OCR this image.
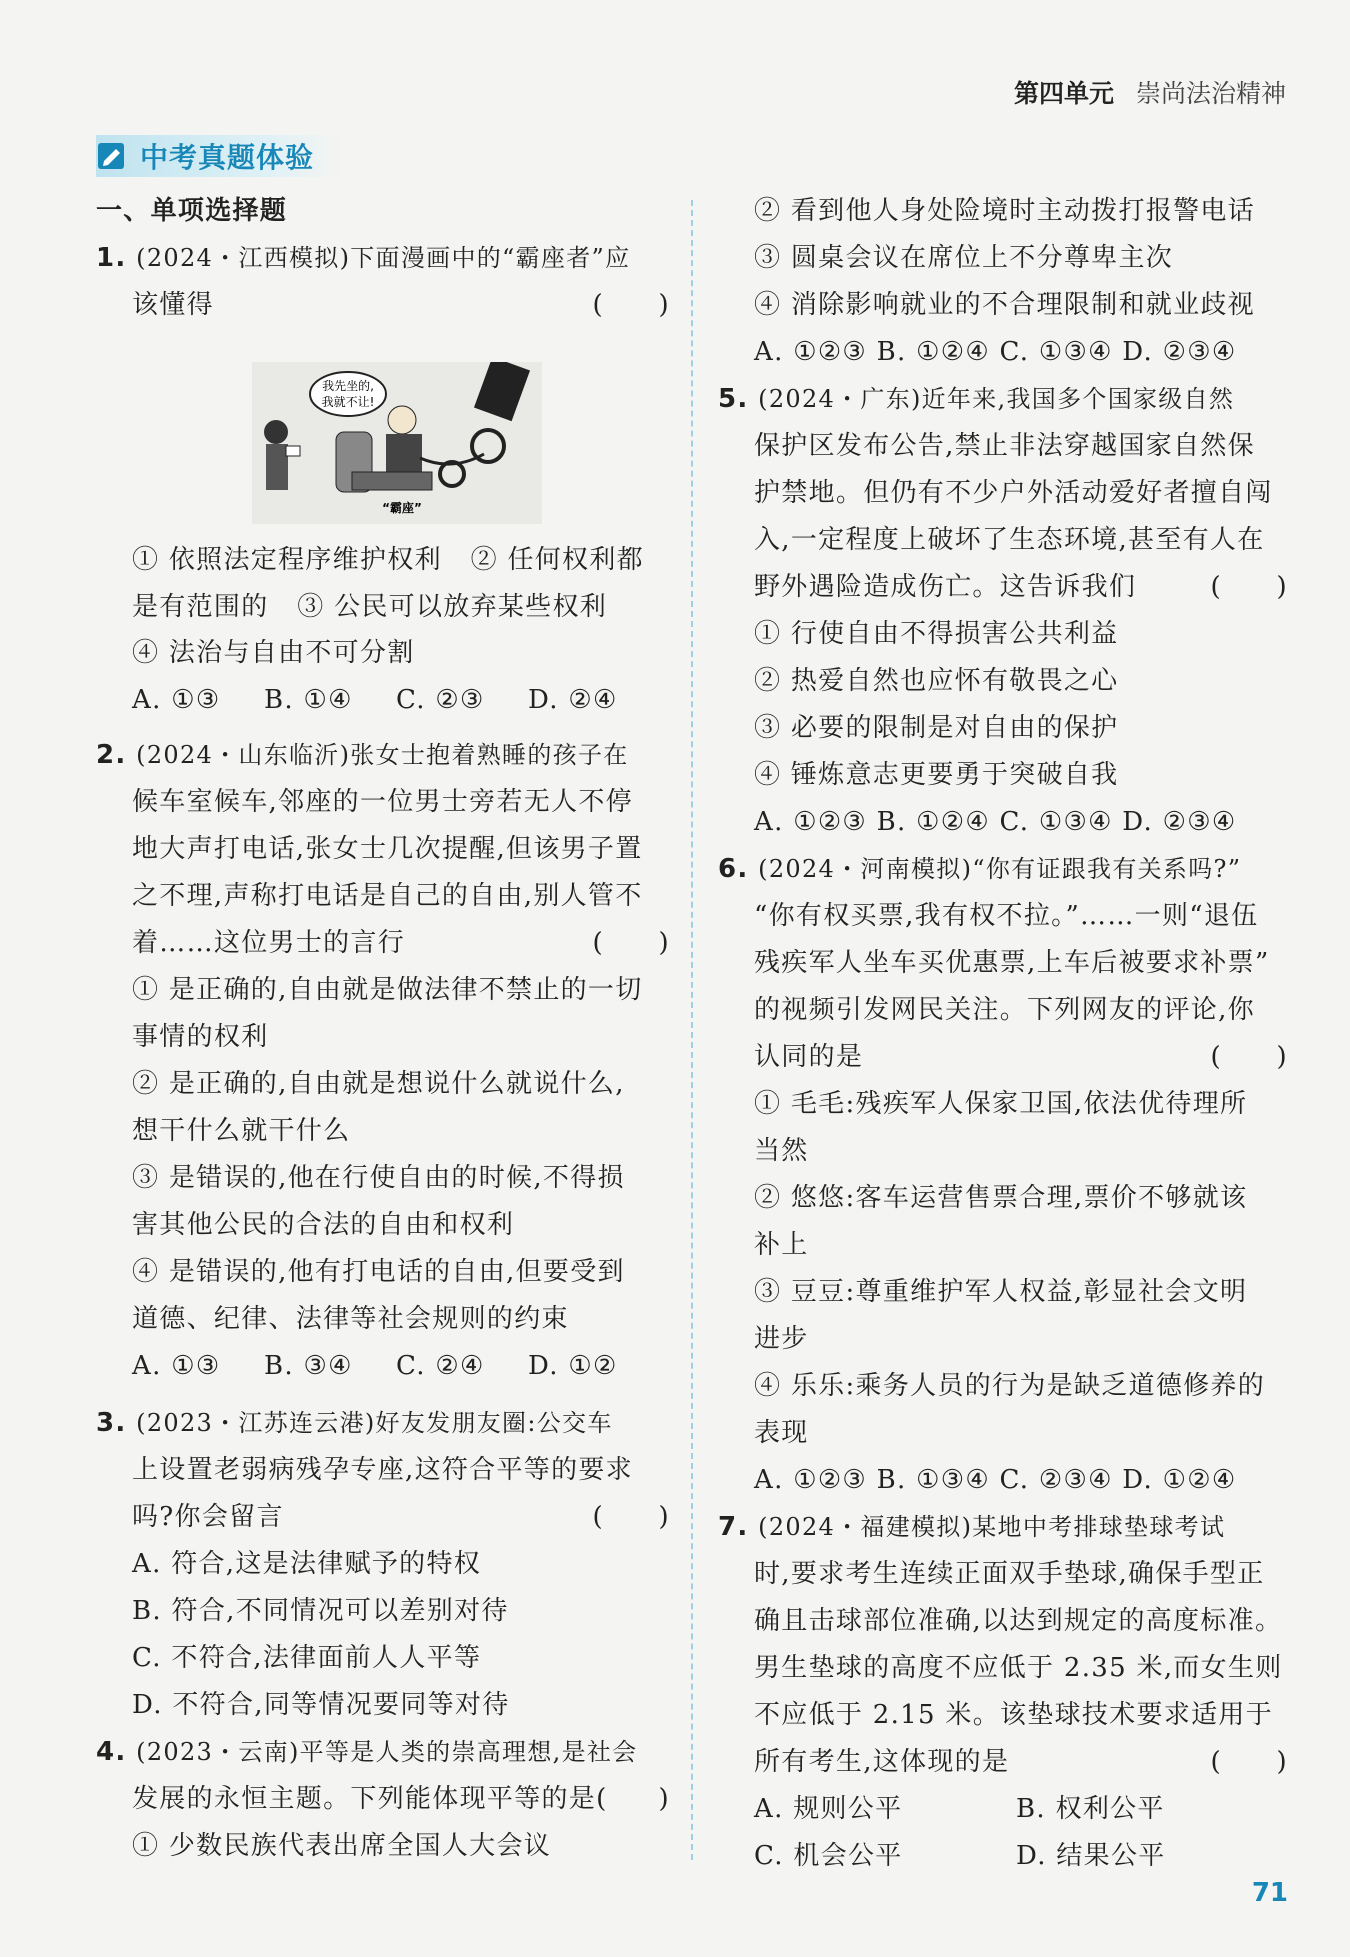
第四单元 崇尚法治精神
中考真题体验
一、单项选择题
1. (2024・江西模拟)下面漫画中的“霸座者”应
该懂得	(　　)
我先坐的,
我就不让!
“霸座”
① 依照法定程序维护权利 ② 任何权利都
是有范围的 ③ 公民可以放弃某些权利
④ 法治与自由不可分割
A. ①③ B. ①④ C. ②③ D. ②④
2. (2024・山东临沂)张女士抱着熟睡的孩子在
候车室候车,邻座的一位男士旁若无人不停
地大声打电话,张女士几次提醒,但该男子置
之不理,声称打电话是自己的自由,别人管不
着……这位男士的言行	(　　)
① 是正确的,自由就是做法律不禁止的一切
事情的权利
② 是正确的,自由就是想说什么就说什么,
想干什么就干什么
③ 是错误的,他在行使自由的时候,不得损
害其他公民的合法的自由和权利
④ 是错误的,他有打电话的自由,但要受到
道德、纪律、法律等社会规则的约束
A. ①③ B. ③④ C. ②④ D. ①②
3. (2023・江苏连云港)好友发朋友圈:公交车
上设置老弱病残孕专座,这符合平等的要求
吗?你会留言	(　　)
A. 符合,这是法律赋予的特权
B. 符合,不同情况可以差别对待
C. 不符合,法律面前人人平等
D. 不符合,同等情况要同等对待
4. (2023・云南)平等是人类的崇高理想,是社会
发展的永恒主题。下列能体现平等的是( )
① 少数民族代表出席全国人大会议
② 看到他人身处险境时主动拨打报警电话
③ 圆桌会议在席位上不分尊卑主次
④ 消除影响就业的不合理限制和就业歧视
A. ①②③ B. ①②④ C. ①③④ D. ②③④
5. (2024・广东)近年来,我国多个国家级自然
保护区发布公告,禁止非法穿越国家自然保
护禁地。但仍有不少户外活动爱好者擅自闯
入,一定程度上破坏了生态环境,甚至有人在
野外遇险造成伤亡。这告诉我们	(　　)
① 行使自由不得损害公共利益
② 热爱自然也应怀有敬畏之心
③ 必要的限制是对自由的保护
④ 锤炼意志更要勇于突破自我
A. ①②③ B. ①②④ C. ①③④ D. ②③④
6. (2024・河南模拟)“你有证跟我有关系吗?”
“你有权买票,我有权不拉。”……一则“退伍
残疾军人坐车买优惠票,上车后被要求补票”
的视频引发网民关注。下列网友的评论,你
认同的是	(　　)
① 毛毛:残疾军人保家卫国,依法优待理所
当然
② 悠悠:客车运营售票合理,票价不够就该
补上
③ 豆豆:尊重维护军人权益,彰显社会文明
进步
④ 乐乐:乘务人员的行为是缺乏道德修养的
表现
A. ①②③ B. ①③④ C. ②③④ D. ①②④
7. (2024・福建模拟)某地中考排球垫球考试
时,要求考生连续正面双手垫球,确保手型正
确且击球部位准确,以达到规定的高度标准。
男生垫球的高度不应低于 2.35 米,而女生则
不应低于 2.15 米。该垫球技术要求适用于
所有考生,这体现的是	(　　)
A. 规则公平	B. 权利公平
C. 机会公平	D. 结果公平
71
